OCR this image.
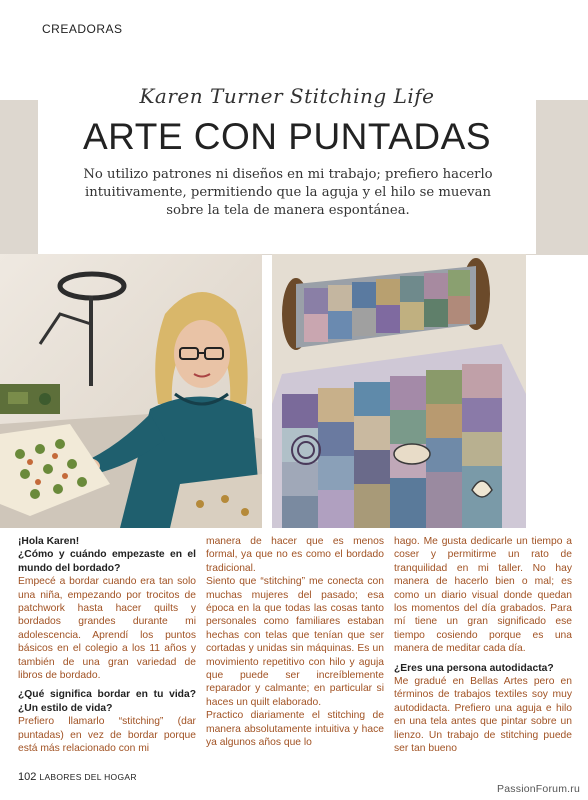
CREADORAS
Karen Turner Stitching Life
ARTE CON PUNTADAS
No utilizo patrones ni diseños en mi trabajo; prefiero hacerlo intuitivamente, permitiendo que la aguja y el hilo se muevan sobre la tela de manera espontánea.

¡Hola Karen!

¿Cómo y cuándo empezaste en el mundo del bordado?

Empecé a bordar cuando era tan solo una niña, empezando por trocitos de patchwork hasta hacer quilts y bordados grandes durante mi adolescencia. Aprendí los puntos básicos en el colegio a los 11 años y también de una gran variedad de libros de bordado.

¿Qué significa bordar en tu vida? ¿Un estilo de vida?

Prefiero llamarlo “stitching” (dar puntadas) en vez de bordar porque está más relacionado con mi

manera de hacer que es menos formal, ya que no es como el bordado tradicional.

Siento que “stitching” me conecta con muchas mujeres del pasado; esa época en la que todas las cosas tanto personales como familiares estaban hechas con telas que tenían que ser cortadas y unidas sin máquinas. Es un movimiento repetitivo con hilo y aguja que puede ser increíblemente reparador y calmante; en particular si haces un quilt elaborado.

Practico diariamente el stitching de manera absolutamente intuitiva y hace ya algunos años que lo

hago. Me gusta dedicarle un tiempo a coser y permitirme un rato de tranquilidad en mi taller. No hay manera de hacerlo bien o mal; es como un diario visual donde quedan los momentos del día grabados. Para mí tiene un gran significado ese tiempo cosiendo porque es una manera de meditar cada día.

¿Eres una persona autodidacta?

Me gradué en Bellas Artes pero en términos de trabajos textiles soy muy autodidacta. Prefiero una aguja e hilo en una tela antes que pintar sobre un lienzo. Un trabajo de stitching puede ser tan bueno

102 LABORES DEL HOGAR
PassionForum.ru
